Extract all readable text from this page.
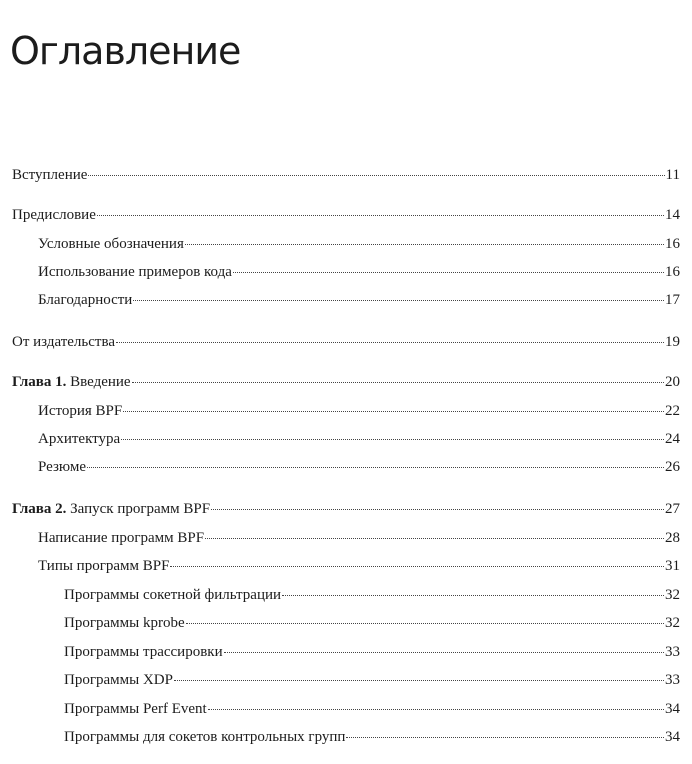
Оглавление
Вступление	11
Предисловие	14
Условные обозначения	16
Использование примеров кода	16
Благодарности	17
От издательства	19
Глава 1. Введение	20
История BPF	22
Архитектура	24
Резюме	26
Глава 2. Запуск программ BPF	27
Написание программ BPF	28
Типы программ BPF	31
Программы сокетной фильтрации	32
Программы kprobe	32
Программы трассировки	33
Программы XDP	33
Программы Perf Event	34
Программы для сокетов контрольных групп	34
